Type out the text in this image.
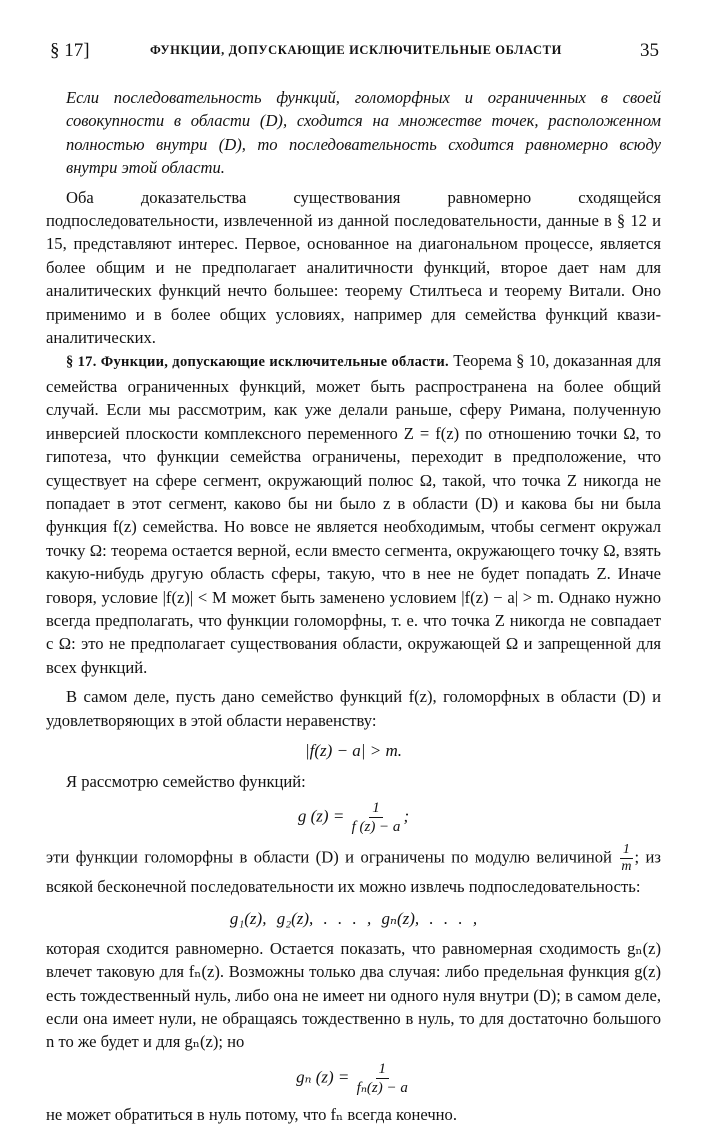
§ 17]	ФУНКЦИИ, ДОПУСКАЮЩИЕ ИСКЛЮЧИТЕЛЬНЫЕ ОБЛАСТИ	35

Если последовательность функций, голоморфных и ограниченных в своей совокупности в области (D), сходится на множестве точек, расположенном полностью внутри (D), то последовательность сходится равномерно всюду внутри этой области.

Оба доказательства существования равномерно сходящейся подпоследовательности, извлеченной из данной последовательности, данные в § 12 и 15, представляют интерес. Первое, основанное на диагональном процессе, является более общим и не предполагает аналитичности функций, второе дает нам для аналитических функций нечто большее: теорему Стилтьеса и теорему Витали. Оно применимо и в более общих условиях, например для семейства функций квази-аналитических.

§ 17. Функции, допускающие исключительные области. Теорема § 10, доказанная для семейства ограниченных функций, может быть распространена на более общий случай. Если мы рассмотрим, как уже делали раньше, сферу Римана, полученную инверсией плоскости комплексного переменного Z = f(z) по отношению точки Ω, то гипотеза, что функции семейства ограничены, переходит в предположение, что существует на сфере сегмент, окружающий полюс Ω, такой, что точка Z никогда не попадает в этот сегмент, каково бы ни было z в области (D) и какова бы ни была функция f(z) семейства. Но вовсе не является необходимым, чтобы сегмент окружал точку Ω: теорема остается верной, если вместо сегмента, окружающего точку Ω, взять какую-нибудь другую область сферы, такую, что в нее не будет попадать Z. Иначе говоря, условие |f(z)| < M может быть заменено условием |f(z) − a| > m. Однако нужно всегда предполагать, что функции голоморфны, т. е. что точка Z никогда не совпадает с Ω: это не предполагает существования области, окружающей Ω и запрещенной для всех функций.

В самом деле, пусть дано семейство функций f(z), голоморфных в области (D) и удовлетворяющих в этой области неравенству:

|f(z) − a| > m.

Я рассмотрю семейство функций:

g $(z) = \frac{1}{f (z) - a}$ ;

эти функции голоморфны в области (D) и ограничены по модулю величиной $\frac{1}{m}$ ; из всякой бесконечной последовательности их можно извлечь подпоследовательность:

g₁(z), g₂(z), . . . , gₙ(z), . . . ,

которая сходится равномерно. Остается показать, что равномерная сходимость gₙ(z) влечет таковую для fₙ(z). Возможны только два случая: либо предельная функция g(z) есть тождественный нуль, либо она не имеет ни одного нуля внутри (D); в самом деле, если она имеет нули, не обращаясь тождественно в нуль, то для достаточно большого n то же будет и для gₙ(z); но

gₙ $(z) = \frac{1}{\text{fₙ(z) − a}}$

не может обратиться в нуль потому, что fₙ всегда конечно.
